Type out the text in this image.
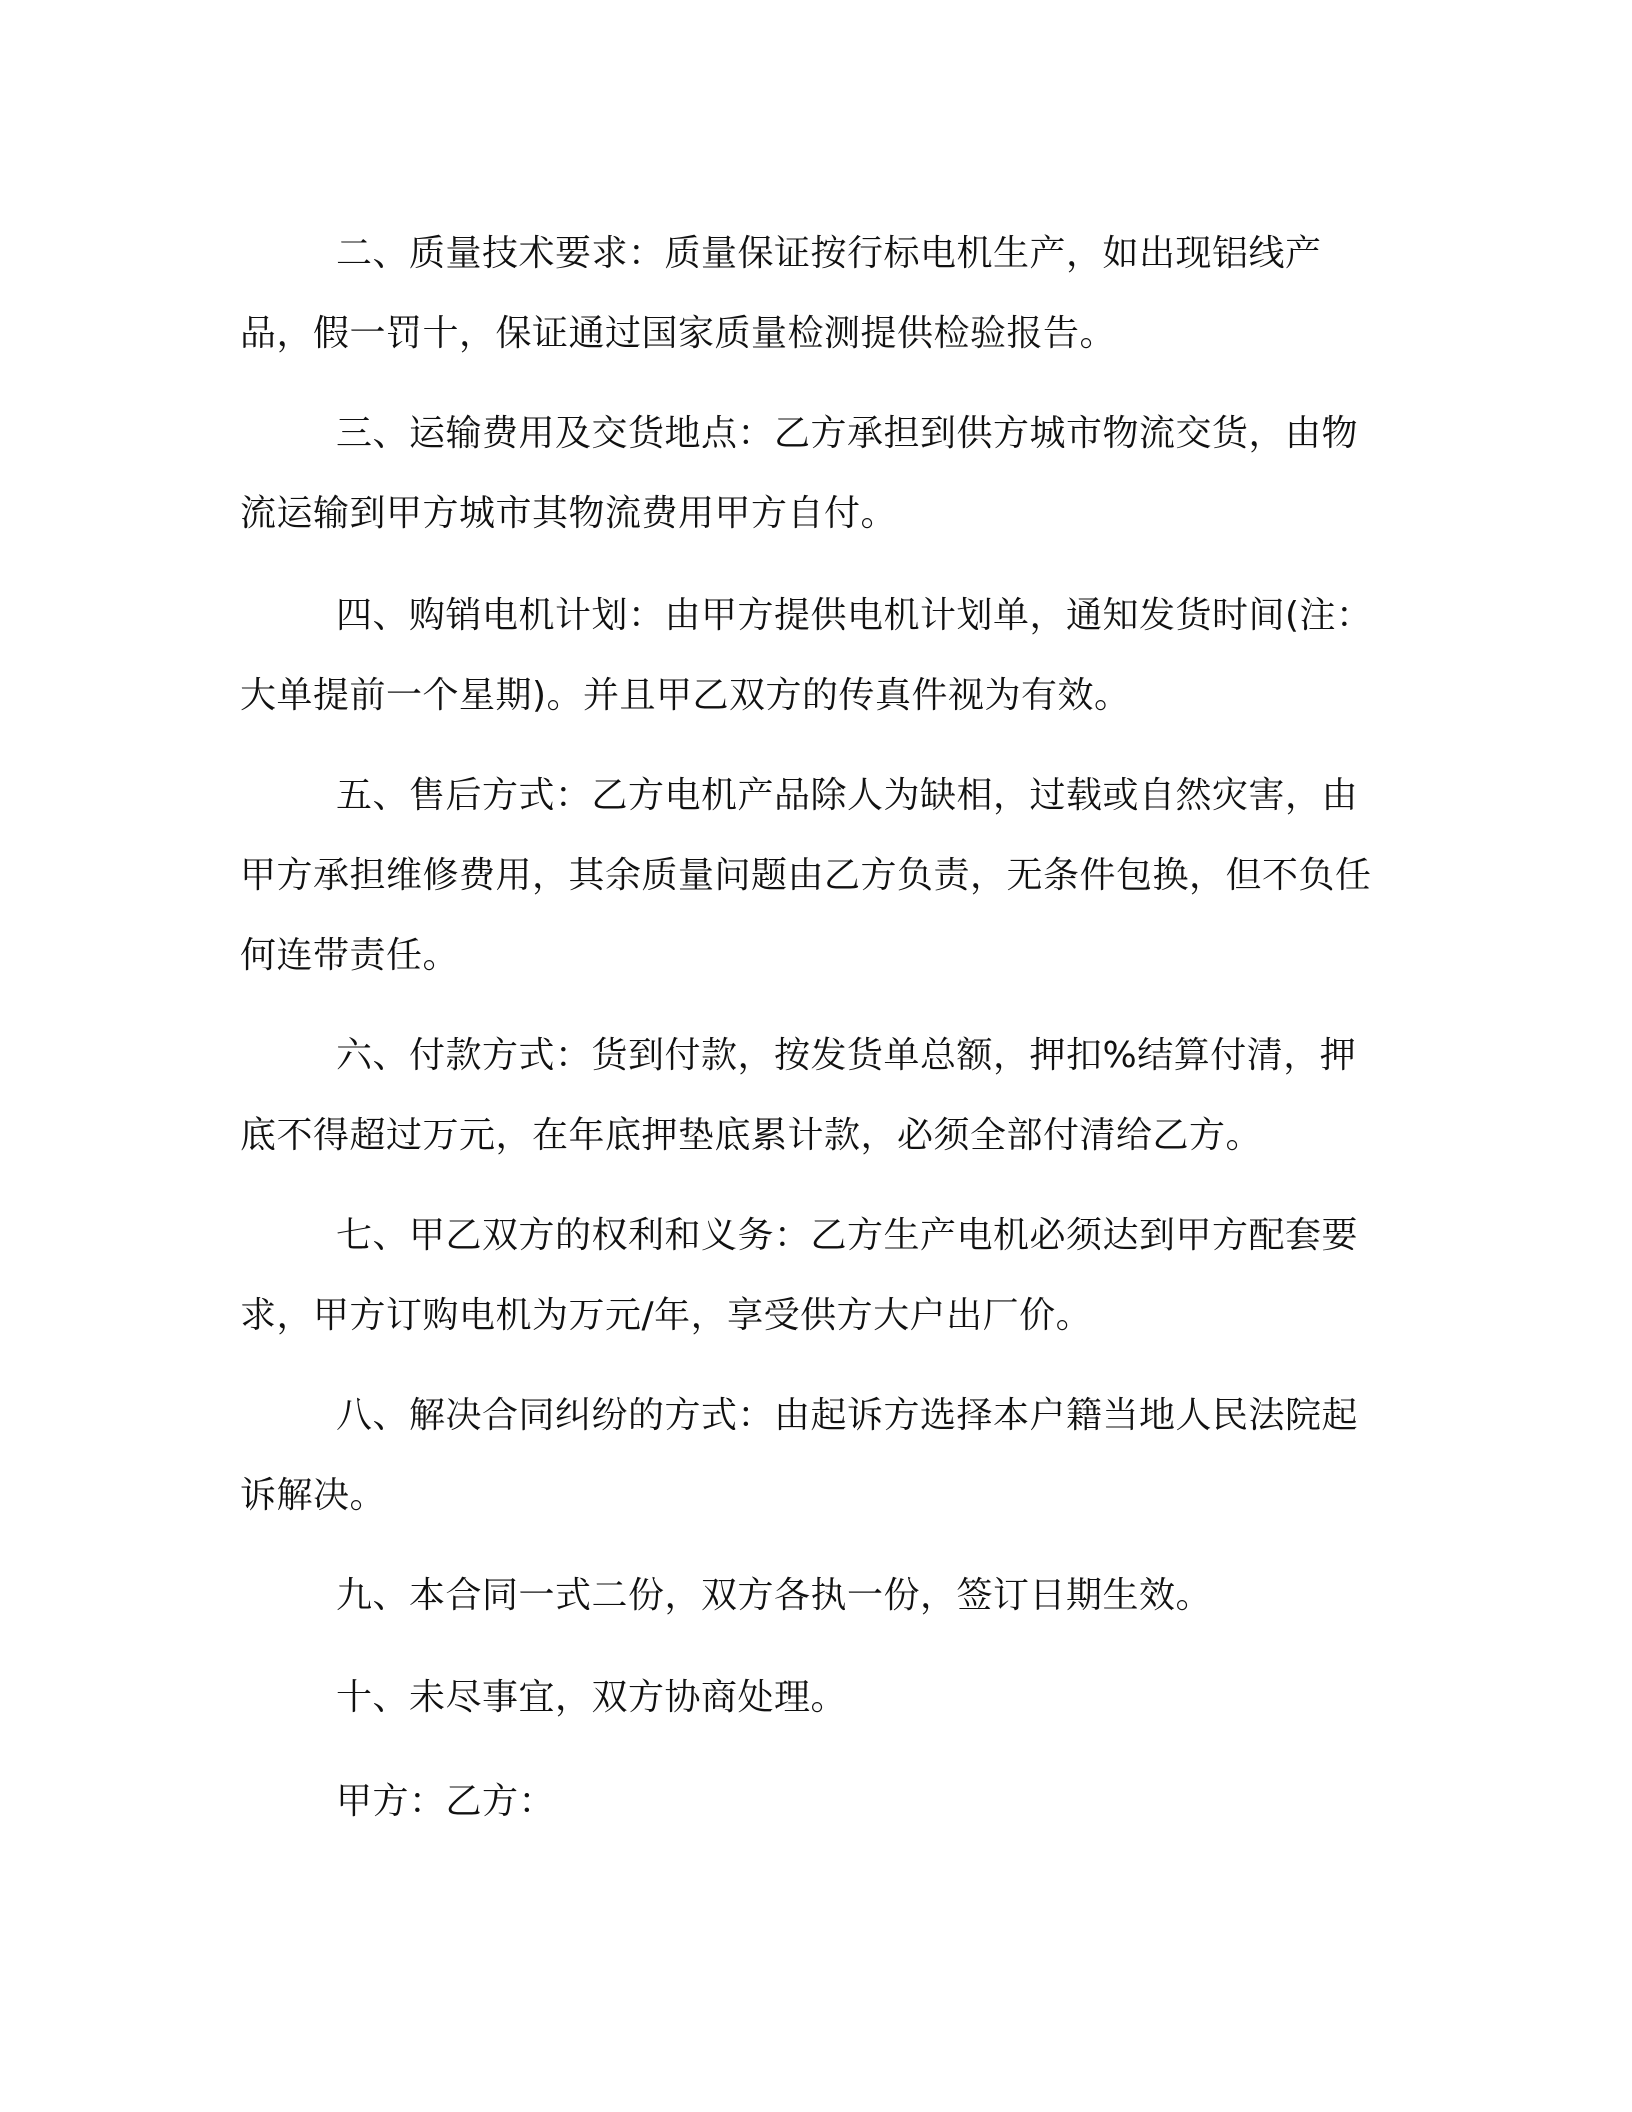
二、质量技术要求：质量保证按行标电机生产，如出现铝线产品，假一罚十，保证通过国家质量检测提供检验报告。

三、运输费用及交货地点：乙方承担到供方城市物流交货，由物流运输到甲方城市其物流费用甲方自付。

四、购销电机计划：由甲方提供电机计划单，通知发货时间(注：大单提前一个星期)。并且甲乙双方的传真件视为有效。

五、售后方式：乙方电机产品除人为缺相，过载或自然灾害，由甲方承担维修费用，其余质量问题由乙方负责，无条件包换，但不负任何连带责任。

六、付款方式：货到付款，按发货单总额，押扣%结算付清，押底不得超过万元，在年底押垫底累计款，必须全部付清给乙方。

七、甲乙双方的权利和义务：乙方生产电机必须达到甲方配套要求，甲方订购电机为万元/年，享受供方大户出厂价。

八、解决合同纠纷的方式：由起诉方选择本户籍当地人民法院起诉解决。

九、本合同一式二份，双方各执一份，签订日期生效。

十、未尽事宜，双方协商处理。

甲方：乙方：
